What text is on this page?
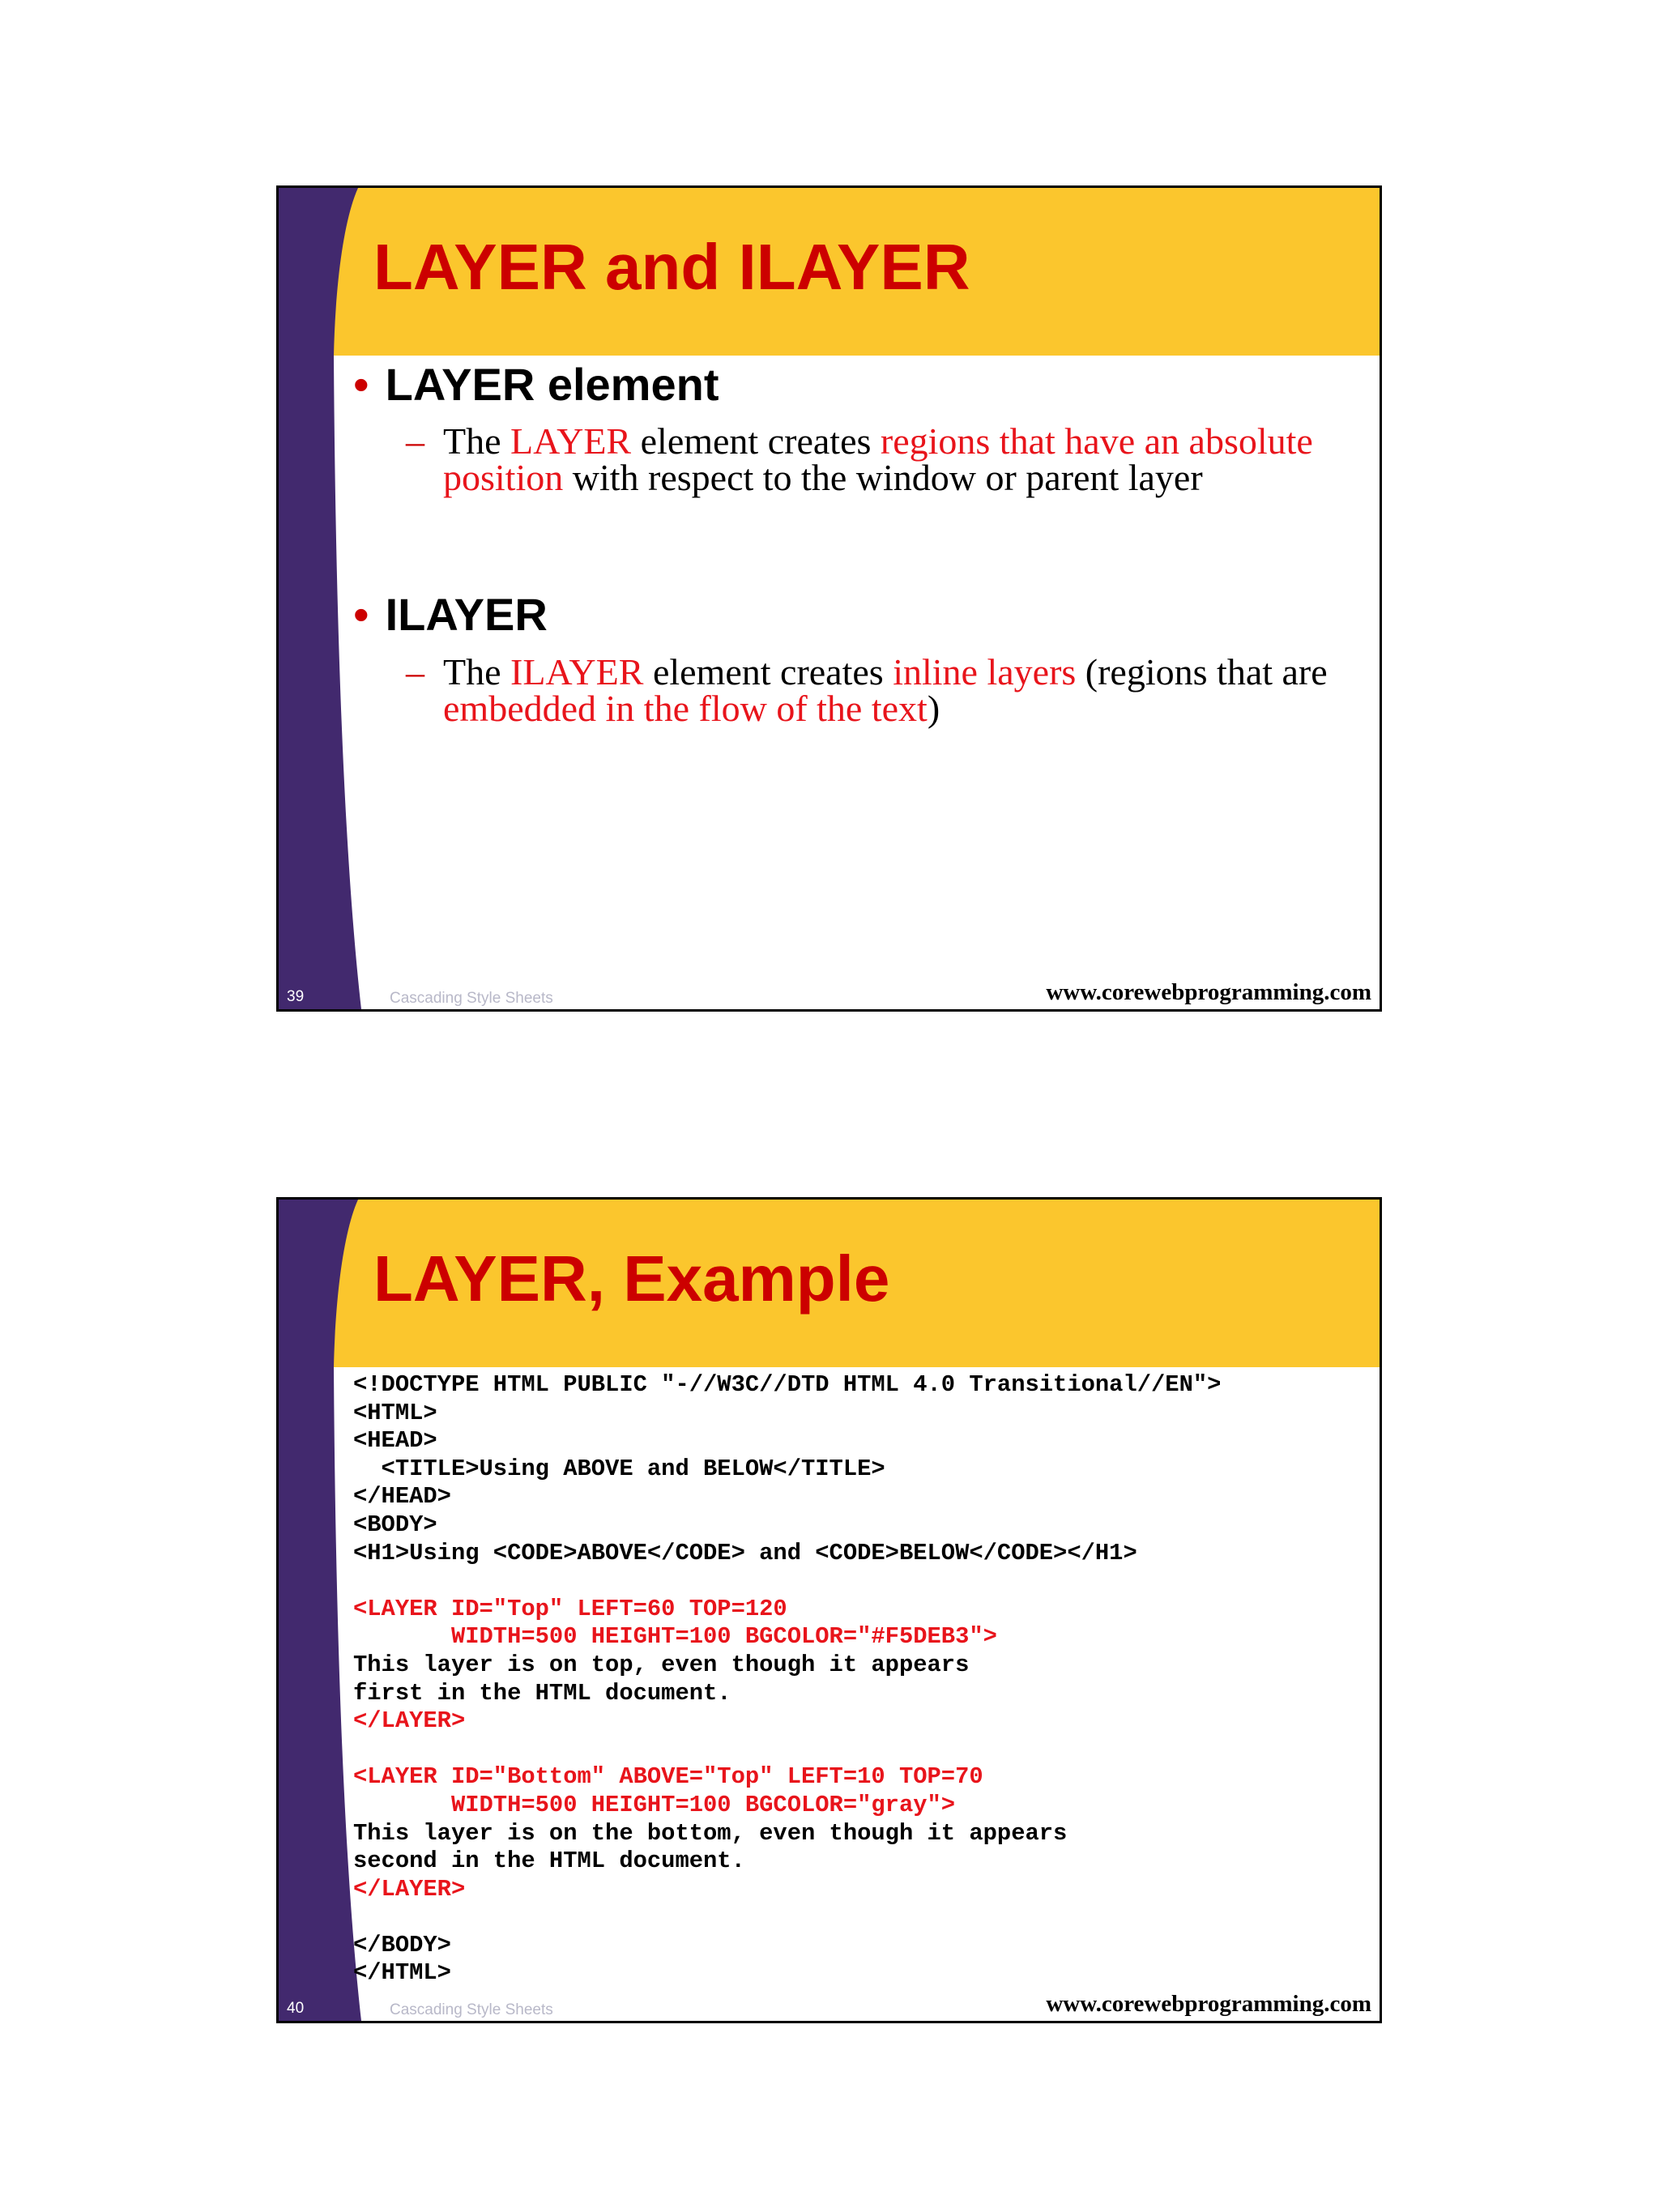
LAYER and ILAYER
• LAYER element
– The LAYER element creates regions that have an absolute position with respect to the window or parent layer
• ILAYER
– The ILAYER element creates inline layers (regions that are embedded in the flow of the text)
39	Cascading Style Sheets	www.corewebprogramming.com
LAYER, Example
<!DOCTYPE HTML PUBLIC "-//W3C//DTD HTML 4.0 Transitional//EN">
<HTML>
<HEAD>
<TITLE>Using ABOVE and BELOW</TITLE>
</HEAD>
<BODY>
<H1>Using <CODE>ABOVE</CODE> and <CODE>BELOW</CODE></H1>
<LAYER ID="Top" LEFT=60 TOP=120
WIDTH=500 HEIGHT=100 BGCOLOR="#F5DEB3">
This layer is on top, even though it appears
first in the HTML document.
</LAYER>
<LAYER ID="Bottom" ABOVE="Top" LEFT=10 TOP=70
WIDTH=500 HEIGHT=100 BGCOLOR="gray">
This layer is on the bottom, even though it appears
second in the HTML document.
</LAYER>
</BODY>
</HTML>
40	Cascading Style Sheets	www.corewebprogramming.com
